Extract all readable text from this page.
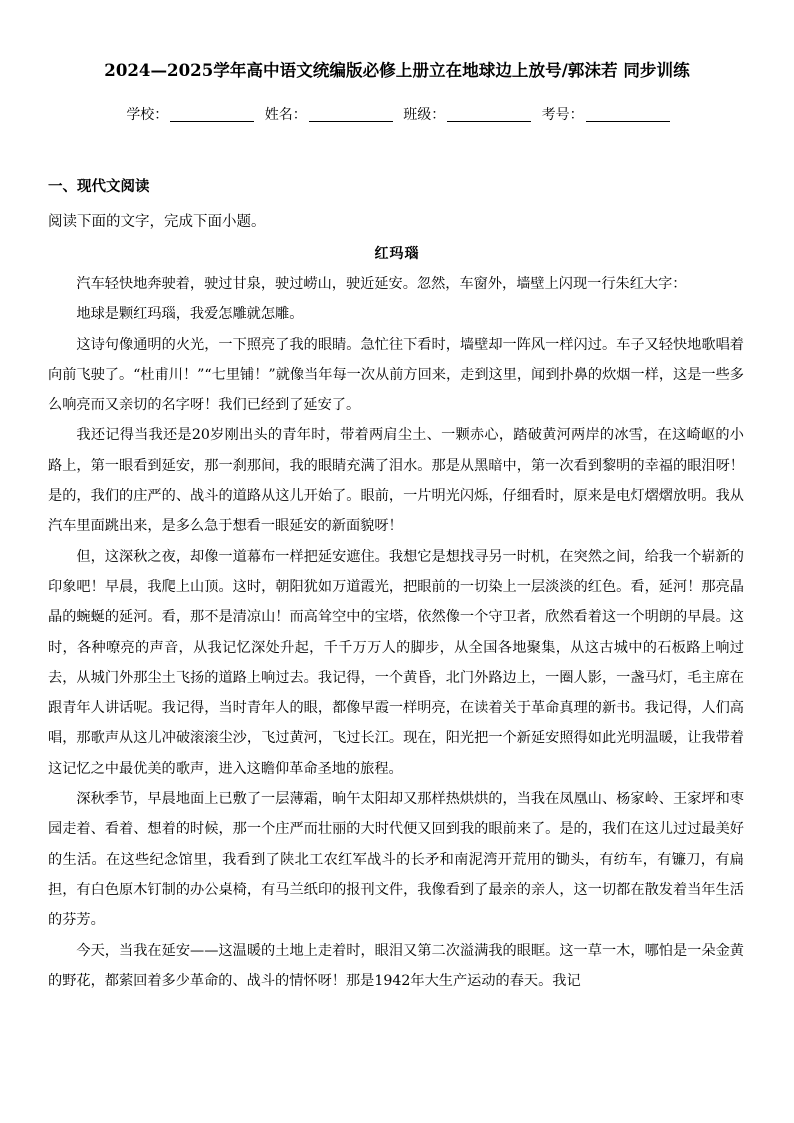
2024—2025学年高中语文统编版必修上册立在地球边上放号/郭沫若 同步训练
学校：	姓名：	班级：	考号：
一、现代文阅读
阅读下面的文字，完成下面小题。
红玛瑙

汽车轻快地奔驶着，驶过甘泉，驶过崂山，驶近延安。忽然，车窗外，墙壁上闪现一行朱红大字：

地球是颗红玛瑙，我爱怎雕就怎雕。

这诗句像通明的火光，一下照亮了我的眼睛。急忙往下看时，墙壁却一阵风一样闪过。车子又轻快地歌唱着向前飞驶了。“杜甫川！”“七里铺！”就像当年每一次从前方回来，走到这里，闻到扑鼻的炊烟一样，这是一些多么响亮而又亲切的名字呀！我们已经到了延安了。

我还记得当我还是20岁刚出头的青年时，带着两肩尘土、一颗赤心，踏破黄河两岸的冰雪，在这崎岖的小路上，第一眼看到延安，那一刹那间，我的眼睛充满了泪水。那是从黑暗中，第一次看到黎明的幸福的眼泪呀！是的，我们的庄严的、战斗的道路从这儿开始了。眼前，一片明光闪烁，仔细看时，原来是电灯熠熠放明。我从汽车里面跳出来，是多么急于想看一眼延安的新面貌呀！

但，这深秋之夜，却像一道幕布一样把延安遮住。我想它是想找寻另一时机，在突然之间，给我一个崭新的印象吧！早晨，我爬上山顶。这时，朝阳犹如万道霞光，把眼前的一切染上一层淡淡的红色。看，延河！那亮晶晶的蜿蜒的延河。看，那不是清凉山！而高耸空中的宝塔，依然像一个守卫者，欣然看着这一个明朗的早晨。这时，各种嘹亮的声音，从我记忆深处升起，千千万万人的脚步，从全国各地聚集，从这古城中的石板路上响过去，从城门外那尘土飞扬的道路上响过去。我记得，一个黄昏，北门外路边上，一圈人影，一盏马灯，毛主席在跟青年人讲话呢。我记得，当时青年人的眼，都像早霞一样明亮，在读着关于革命真理的新书。我记得，人们高唱，那歌声从这儿冲破滚滚尘沙，飞过黄河，飞过长江。现在，阳光把一个新延安照得如此光明温暖，让我带着这记忆之中最优美的歌声，进入这瞻仰革命圣地的旅程。

深秋季节，早晨地面上已敷了一层薄霜，晌午太阳却又那样热烘烘的，当我在凤凰山、杨家岭、王家坪和枣园走着、看着、想着的时候，那一个庄严而壮丽的大时代便又回到我的眼前来了。是的，我们在这儿过过最美好的生活。在这些纪念馆里，我看到了陕北工农红军战斗的长矛和南泥湾开荒用的锄头，有纺车，有镰刀，有扁担，有白色原木钉制的办公桌椅，有马兰纸印的报刊文件，我像看到了最亲的亲人，这一切都在散发着当年生活的芬芳。

今天，当我在延安——这温暖的土地上走着时，眼泪又第二次溢满我的眼眶。这一草一木，哪怕是一朵金黄的野花，都萦回着多少革命的、战斗的情怀呀！那是1942年大生产运动的春天。我记
